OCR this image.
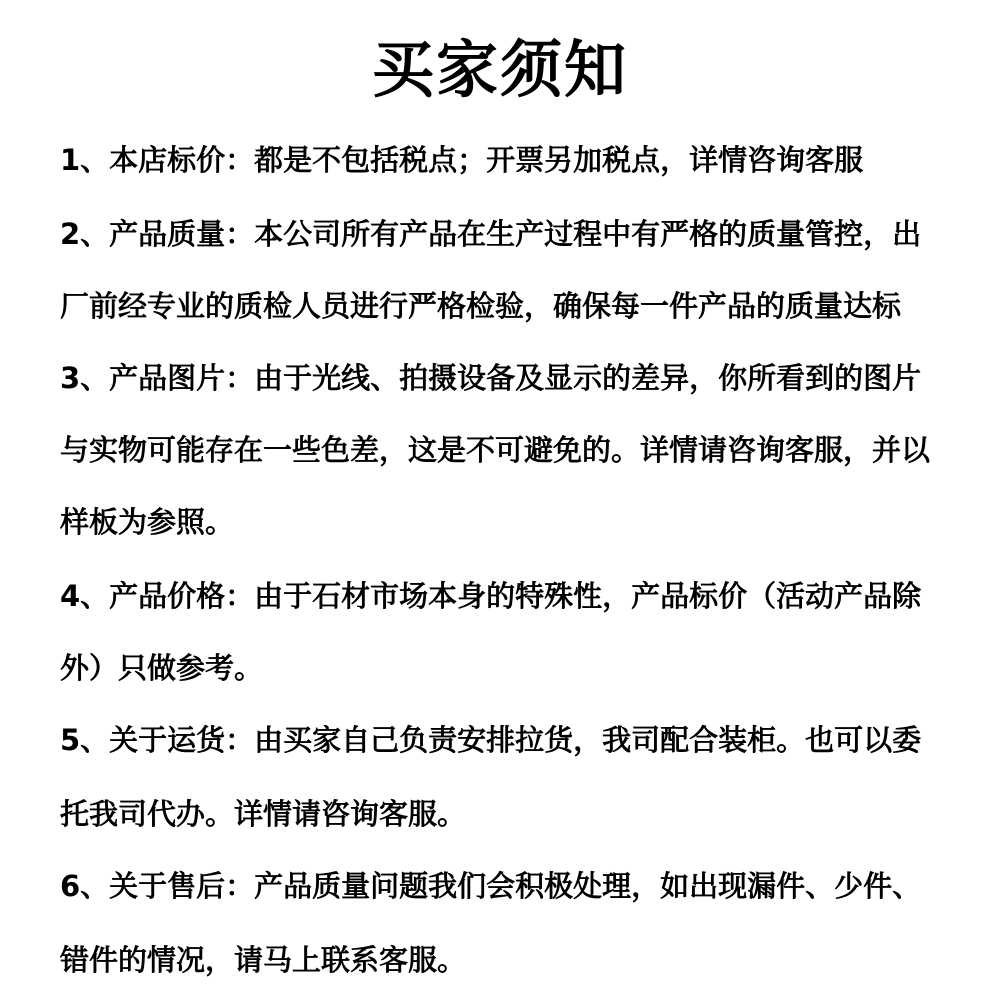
买家须知
1、本店标价：都是不包括税点；开票另加税点，详情咨询客服
2、产品质量：本公司所有产品在生产过程中有严格的质量管控，出
厂前经专业的质检人员进行严格检验，确保每一件产品的质量达标
3、产品图片：由于光线、拍摄设备及显示的差异，你所看到的图片
与实物可能存在一些色差，这是不可避免的。详情请咨询客服，并以
样板为参照。
4、产品价格：由于石材市场本身的特殊性，产品标价（活动产品除
外）只做参考。
5、关于运货：由买家自己负责安排拉货，我司配合装柜。也可以委
托我司代办。详情请咨询客服。
6、关于售后：产品质量问题我们会积极处理，如出现漏件、少件、
错件的情况，请马上联系客服。
